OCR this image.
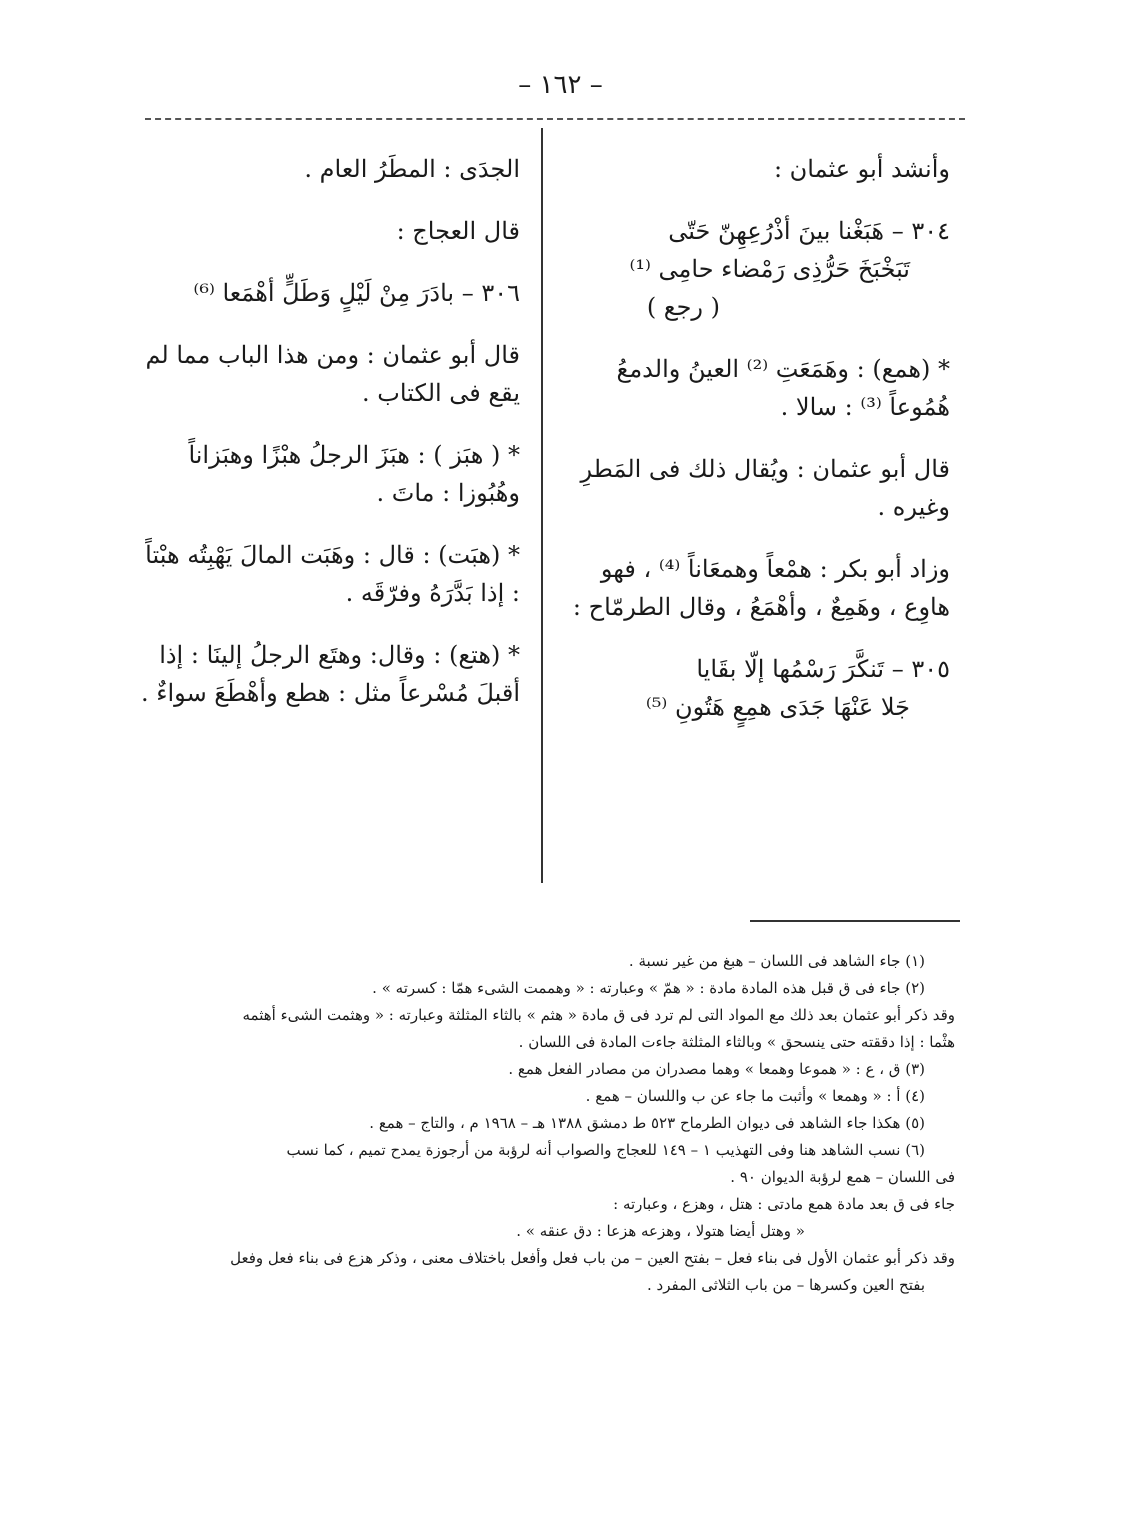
– ١٦٢ –

وأنشد أبو عثمان :

٣٠٤ – هَبَغْنا بينَ أذْرُعِهِنّ حَتّى
تَبَخْبَخَ حَرُّذِى رَمْضاء حامِى ⁽¹⁾
( رجع )

* (همع) : وهَمَعَتِ ⁽²⁾ العينُ والدمعُ هُمُوعاً ⁽³⁾ : سالا .

قال أبو عثمان : ويُقال ذلك فى المَطرِ وغيره .

وزاد أبو بكر : همْعاً وهمعَاناً ⁽⁴⁾ ، فهو هاوِع ، وهَمِعٌ ، وأهْمَعُ ، وقال الطرمّاح :

٣٠٥ – تَنكَّرَ رَسْمُها إلّا بقَايا
جَلا عَنْهَا جَدَى همِعٍ هَتُونِ ⁽⁵⁾

الجدَى : المطَرُ العام .

قال العجاج :

٣٠٦ – بادَرَ مِنْ لَيْلٍ وَطَلٍّ أهْمَعا ⁽⁶⁾

قال أبو عثمان : ومن هذا الباب مما لم يقع فى الكتاب .

* ( هبَز ) : هبَزَ الرجلُ هبْزًا وهبَزاناً وهُبُوزا : ماتَ .

* (هبَت) : قال : وهَبَت المالَ يَهْبِتُه هبْتاً : إذا بَدَّرَهُ وفرّقَه .

* (هتع) : وقال: وهتَع الرجلُ إلينَا : إذا أقبلَ مُسْرعاً مثل : هطع وأهْطَعَ سواءٌ .

(١) جاء الشاهد فى اللسان – هبغ من غير نسبة .
(٢) جاء فى ق قبل هذه المادة مادة : « همّ » وعبارته : « وهممت الشىء همّا : كسرته » .
وقد ذكر أبو عثمان بعد ذلك مع المواد التى لم ترد فى ق مادة « هثم » بالثاء المثلثة وعبارته : « وهثمت الشىء أهثمه
هثْما : إذا دققته حتى ينسحق » وبالثاء المثلثة جاءت المادة فى اللسان .
(٣) ق ، ع : « هموعا وهمعا » وهما مصدران من مصادر الفعل همع .
(٤) أ : « وهمعا » وأثبت ما جاء عن ب واللسان – همع .
(٥) هكذا جاء الشاهد فى ديوان الطرماح ٥٢٣ ط دمشق ١٣٨٨ هـ – ١٩٦٨ م ، والتاج – همع .
(٦) نسب الشاهد هنا وفى التهذيب ١ – ١٤٩ للعجاج والصواب أنه لرؤبة من أرجوزة يمدح تميم ، كما نسب
فى اللسان – همع لرؤبة الديوان ٩٠ .
جاء فى ق بعد مادة همع مادتى : هتل ، وهزع ، وعبارته :
« وهتل أيضا هتولا ، وهزعه هزعا : دق عنقه » .
وقد ذكر أبو عثمان الأول فى بناء فعل – بفتح العين – من باب فعل وأفعل باختلاف معنى ، وذكر هزع فى بناء فعل وفعل
بفتح العين وكسرها – من باب الثلاثى المفرد .
